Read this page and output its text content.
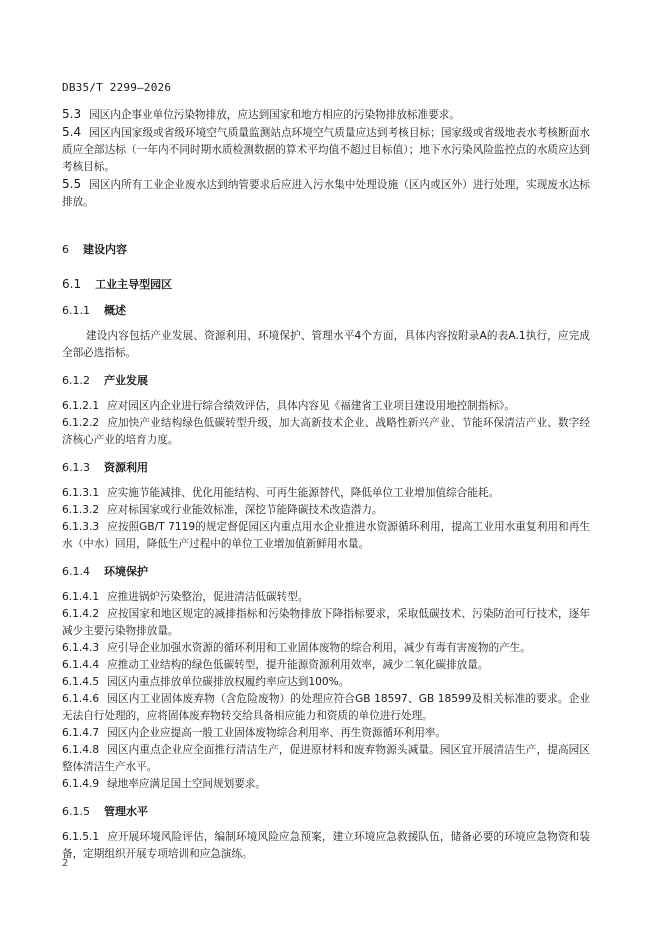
DB35/T 2299—2026
5.3 园区内企事业单位污染物排放，应达到国家和地方相应的污染物排放标准要求。
5.4 园区内国家级或省级环境空气质量监测站点环境空气质量应达到考核目标；国家级或省级地表水考核断面水质应全部达标（一年内不同时期水质检测数据的算术平均值不超过目标值）；地下水污染风险监控点的水质应达到考核目标。
5.5 园区内所有工业企业废水达到纳管要求后应进入污水集中处理设施（区内或区外）进行处理，实现废水达标排放。
6 建设内容
6.1 工业主导型园区
6.1.1 概述
建设内容包括产业发展、资源利用、环境保护、管理水平4个方面，具体内容按附录A的表A.1执行，应完成全部必选指标。
6.1.2 产业发展
6.1.2.1 应对园区内企业进行综合绩效评估，具体内容见《福建省工业项目建设用地控制指标》。
6.1.2.2 应加快产业结构绿色低碳转型升级，加大高新技术企业、战略性新兴产业、节能环保清洁产业、数字经济核心产业的培育力度。
6.1.3 资源利用
6.1.3.1 应实施节能减排、优化用能结构、可再生能源替代，降低单位工业增加值综合能耗。
6.1.3.2 应对标国家或行业能效标准，深挖节能降碳技术改造潜力。
6.1.3.3 应按照GB/T 7119的规定督促园区内重点用水企业推进水资源循环利用，提高工业用水重复利用和再生水（中水）回用，降低生产过程中的单位工业增加值新鲜用水量。
6.1.4 环境保护
6.1.4.1 应推进锅炉污染整治，促进清洁低碳转型。
6.1.4.2 应按国家和地区规定的减排指标和污染物排放下降指标要求，采取低碳技术、污染防治可行技术，逐年减少主要污染物排放量。
6.1.4.3 应引导企业加强水资源的循环利用和工业固体废物的综合利用，减少有毒有害废物的产生。
6.1.4.4 应推动工业结构的绿色低碳转型，提升能源资源利用效率，减少二氧化碳排放量。
6.1.4.5 园区内重点排放单位碳排放权履约率应达到100%。
6.1.4.6 园区内工业固体废弃物（含危险废物）的处理应符合GB 18597、GB 18599及相关标准的要求。企业无法自行处理的，应将固体废弃物转交给具备相应能力和资质的单位进行处理。
6.1.4.7 园区内企业应提高一般工业固体废物综合利用率、再生资源循环利用率。
6.1.4.8 园区内重点企业应全面推行清洁生产，促进原材料和废弃物源头减量。园区宜开展清洁生产，提高园区整体清洁生产水平。
6.1.4.9 绿地率应满足国土空间规划要求。
6.1.5 管理水平
6.1.5.1 应开展环境风险评估，编制环境风险应急预案，建立环境应急救援队伍，储备必要的环境应急物资和装备，定期组织开展专项培训和应急演练。
2
